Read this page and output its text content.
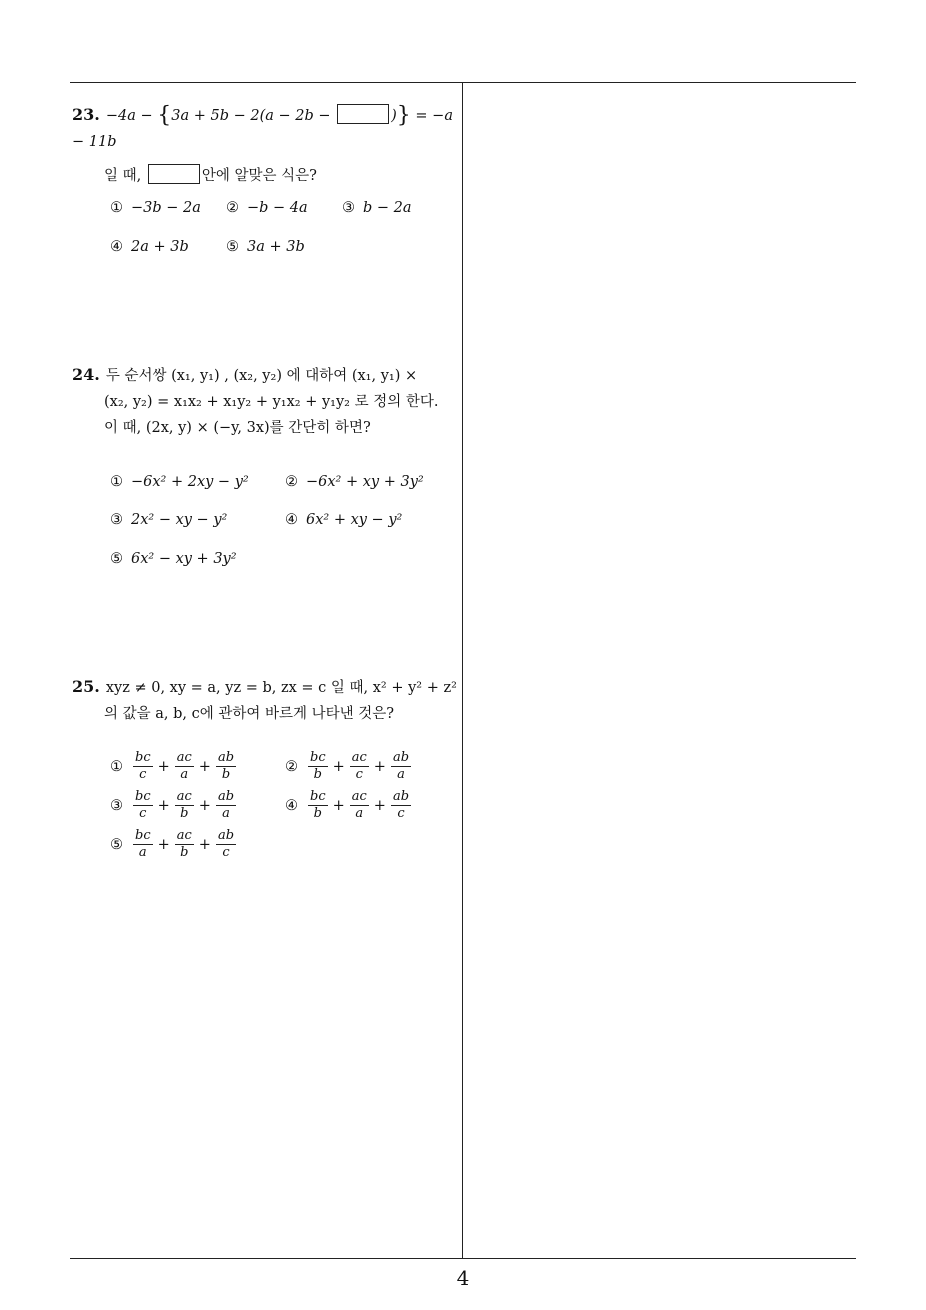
4
23. −4a − {3a + 5b − 2(a − 2b −	)} = −a − 11b
일 때,	안에 알맞은 식은?
① −3b − 2a ② −b − 4a ③ b − 2a
④ 2a + 3b	⑤ 3a + 3b
24. 두 순서쌍 (x₁, y₁) , (x₂, y₂) 에 대하여 (x₁, y₁) ×
(x₂, y₂) = x₁x₂ + x₁y₂ + y₁x₂ + y₁y₂ 로 정의 한다.
이 때, (2x, y) × (−y, 3x)를 간단히 하면?
① −6x² + 2xy − y²	② −6x² + xy + 3y²
③ 2x² − xy − y²	④ 6x² + xy − y²
⑤ 6x² − xy + 3y²
25. xyz ≠ 0, xy = a, yz = b, zx = c 일 때, x² + y² + z²
의 값을 a, b, c에 관하여 바르게 나타낸 것은?
① $\frac{bc}{c} + \frac{ac}{a} + \frac{ab}{b}$	② $\frac{bc}{b} + \frac{ac}{c} + \frac{ab}{a}$
③ $\frac{bc}{c} + \frac{ac}{b} + \frac{ab}{a}$	④ $\frac{bc}{b} + \frac{ac}{a} + \frac{ab}{c}$
⑤ $\frac{bc}{a} + \frac{ac}{b} + \frac{ab}{c}$
